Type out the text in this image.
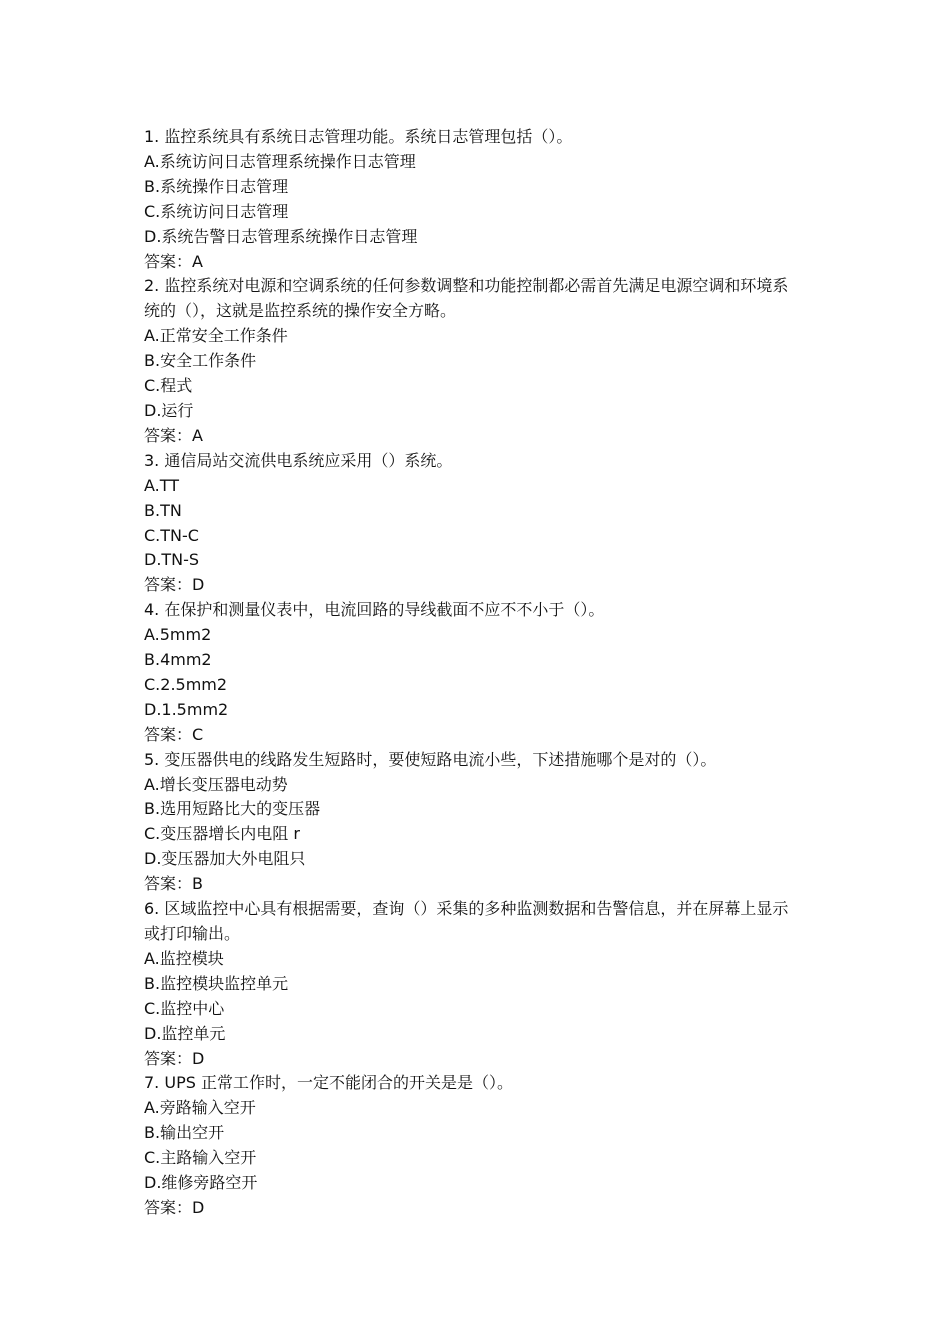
1. 监控系统具有系统日志管理功能。系统日志管理包括（）。

A.系统访问日志管理系统操作日志管理

B.系统操作日志管理

C.系统访问日志管理

D.系统告警日志管理系统操作日志管理

答案：A

2. 监控系统对电源和空调系统的任何参数调整和功能控制都必需首先满足电源空调和环境系

统的（），这就是监控系统的操作安全方略。

A.正常安全工作条件

B.安全工作条件

C.程式

D.运行

答案：A

3. 通信局站交流供电系统应采用（）系统。

A.TT

B.TN

C.TN-C

D.TN-S

答案：D

4. 在保护和测量仪表中，电流回路的导线截面不应不不小于（）。

A.5mm2

B.4mm2

C.2.5mm2

D.1.5mm2

答案：C

5. 变压器供电的线路发生短路时，要使短路电流小些，下述措施哪个是对的（）。

A.增长变压器电动势

B.选用短路比大的变压器

C.变压器增长内电阻 r

D.变压器加大外电阻只

答案：B

6. 区域监控中心具有根据需要，查询（）采集的多种监测数据和告警信息，并在屏幕上显示

或打印输出。

A.监控模块

B.监控模块监控单元

C.监控中心

D.监控单元

答案：D

7. UPS 正常工作时，一定不能闭合的开关是是（）。

A.旁路输入空开

B.输出空开

C.主路输入空开

D.维修旁路空开

答案：D
